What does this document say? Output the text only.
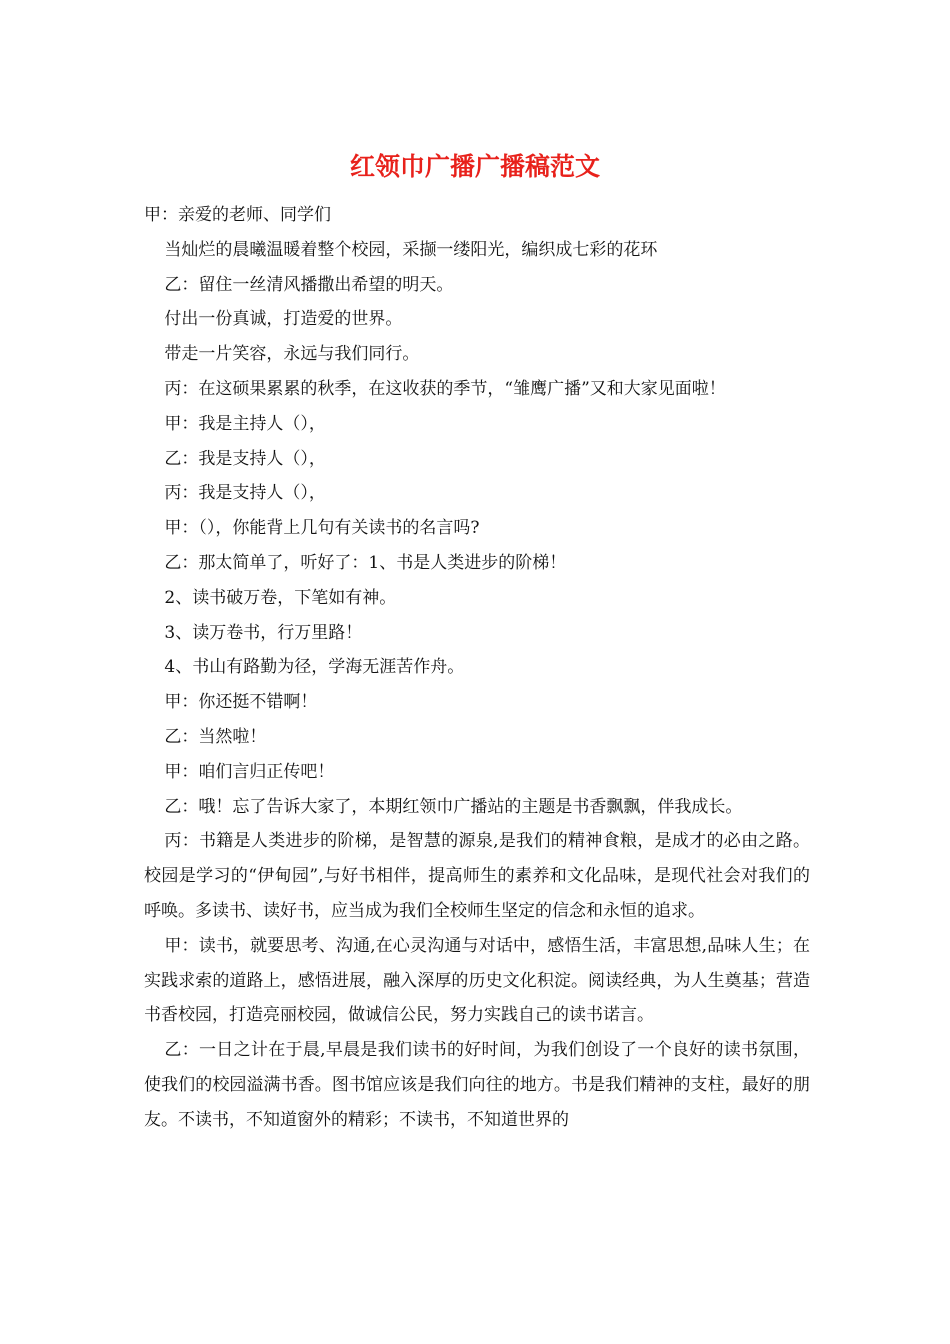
红领巾广播广播稿范文

甲：亲爱的老师、同学们

当灿烂的晨曦温暖着整个校园，采撷一缕阳光，编织成七彩的花环

乙：留住一丝清风播撒出希望的明天。

付出一份真诚，打造爱的世界。

带走一片笑容，永远与我们同行。

丙：在这硕果累累的秋季，在这收获的季节，“雏鹰广播”又和大家见面啦！

甲：我是主持人（），

乙：我是支持人（），

丙：我是支持人（），

甲：（），你能背上几句有关读书的名言吗?

乙：那太简单了，听好了：1、书是人类进步的阶梯！

2、读书破万卷，下笔如有神。

3、读万卷书，行万里路！

4、书山有路勤为径，学海无涯苦作舟。

甲：你还挺不错啊！

乙：当然啦！

甲：咱们言归正传吧！

乙：哦！忘了告诉大家了，本期红领巾广播站的主题是书香飘飘，伴我成长。

丙：书籍是人类进步的阶梯，是智慧的源泉,是我们的精神食粮，是成才的必由之路。校园是学习的“伊甸园”,与好书相伴，提高师生的素养和文化品味，是现代社会对我们的呼唤。多读书、读好书，应当成为我们全校师生坚定的信念和永恒的追求。

甲：读书，就要思考、沟通,在心灵沟通与对话中，感悟生活，丰富思想,品味人生；在实践求索的道路上，感悟进展，融入深厚的历史文化积淀。阅读经典，为人生奠基；营造书香校园，打造亮丽校园，做诚信公民，努力实践自己的读书诺言。

乙：一日之计在于晨,早晨是我们读书的好时间，为我们创设了一个良好的读书氛围，使我们的校园溢满书香。图书馆应该是我们向往的地方。书是我们精神的支柱，最好的朋友。不读书，不知道窗外的精彩；不读书，不知道世界的
